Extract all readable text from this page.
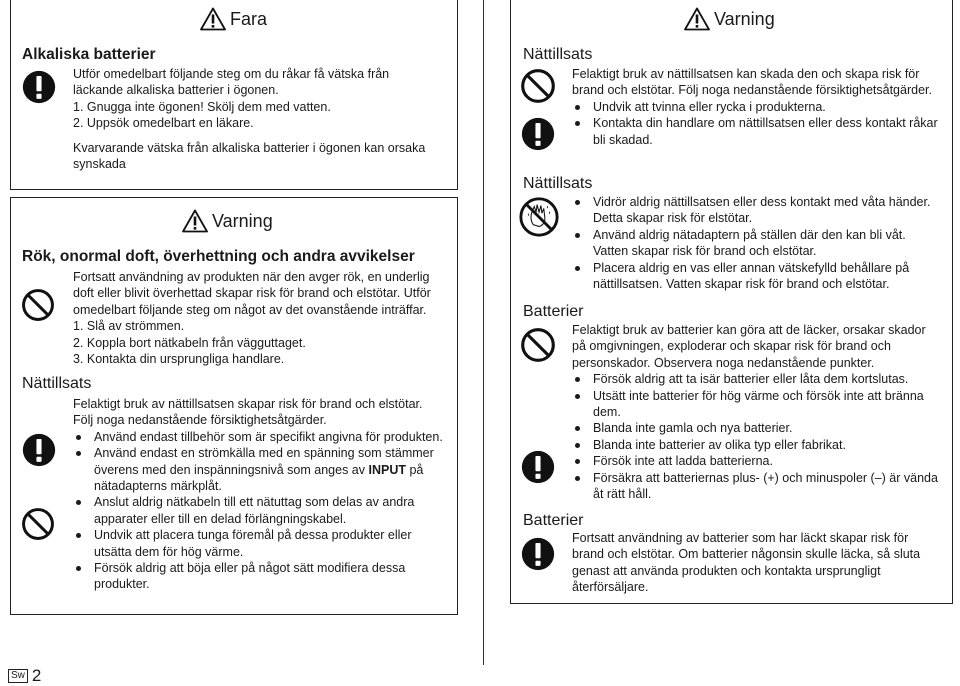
Fara
Alkaliska batterier

Utför omedelbart följande steg om du råkar få vätska från

läckande alkaliska batterier i ögonen.

1. Gnugga inte ögonen! Skölj dem med vatten.

2. Uppsök omedelbart en läkare.

Kvarvarande vätska från alkaliska batterier i ögonen kan orsaka

synskada

Varning
Rök, onormal doft, överhettning och andra avvikelser

Fortsatt användning av produkten när den avger rök, en underlig

doft eller blivit överhettad skapar risk för brand och elstötar. Utför

omedelbart följande steg om något av det ovanstående inträffar.

1. Slå av strömmen.

2. Koppla bort nätkabeln från vägguttaget.

3. Kontakta din ursprungliga handlare.

Nättillsats

Felaktigt bruk av nättillsatsen skapar risk för brand och elstötar.

Följ noga nedanstående försiktighetsåtgärder.

Använd endast tillbehör som är specifikt angivna för produkten.
Använd endast en strömkälla med en spänning som stämmer överens med den inspänningsnivå som anges av INPUT på nätadapterns märkplåt.
Anslut aldrig nätkabeln till ett nätuttag som delas av andra apparater eller till en delad förlängningskabel.
Undvik att placera tunga föremål på dessa produkter eller utsätta dem för hög värme.
Försök aldrig att böja eller på något sätt modifiera dessa produkter.
Varning
Nättillsats

Felaktigt bruk av nättillsatsen kan skada den och skapa risk för

brand och elstötar. Följ noga nedanstående försiktighetsåtgärder.

Undvik att tvinna eller rycka i produkterna.
Kontakta din handlare om nättillsatsen eller dess kontakt råkar bli skadad.
Nättillsats
Vidrör aldrig nättillsatsen eller dess kontakt med våta händer. Detta skapar risk för elstötar.
Använd aldrig nätadaptern på ställen där den kan bli våt. Vatten skapar risk för brand och elstötar.
Placera aldrig en vas eller annan vätskefylld behållare på nättillsatsen. Vatten skapar risk för brand och elstötar.
Batterier

Felaktigt bruk av batterier kan göra att de läcker, orsakar skador

på omgivningen, exploderar och skapar risk för brand och

personskador. Observera noga nedanstående punkter.

Försök aldrig att ta isär batterier eller låta dem kortslutas.
Utsätt inte batterier för hög värme och försök inte att bränna dem.
Blanda inte gamla och nya batterier.
Blanda inte batterier av olika typ eller fabrikat.
Försök inte att ladda batterierna.
Försäkra att batteriernas plus- (+) och minuspoler (–) är vända åt rätt håll.
Batterier

Fortsatt användning av batterier som har läckt skapar risk för

brand och elstötar. Om batterier någonsin skulle läcka, så sluta

genast att använda produkten och kontakta ursprungligt

återförsäljare.

Sw 2
